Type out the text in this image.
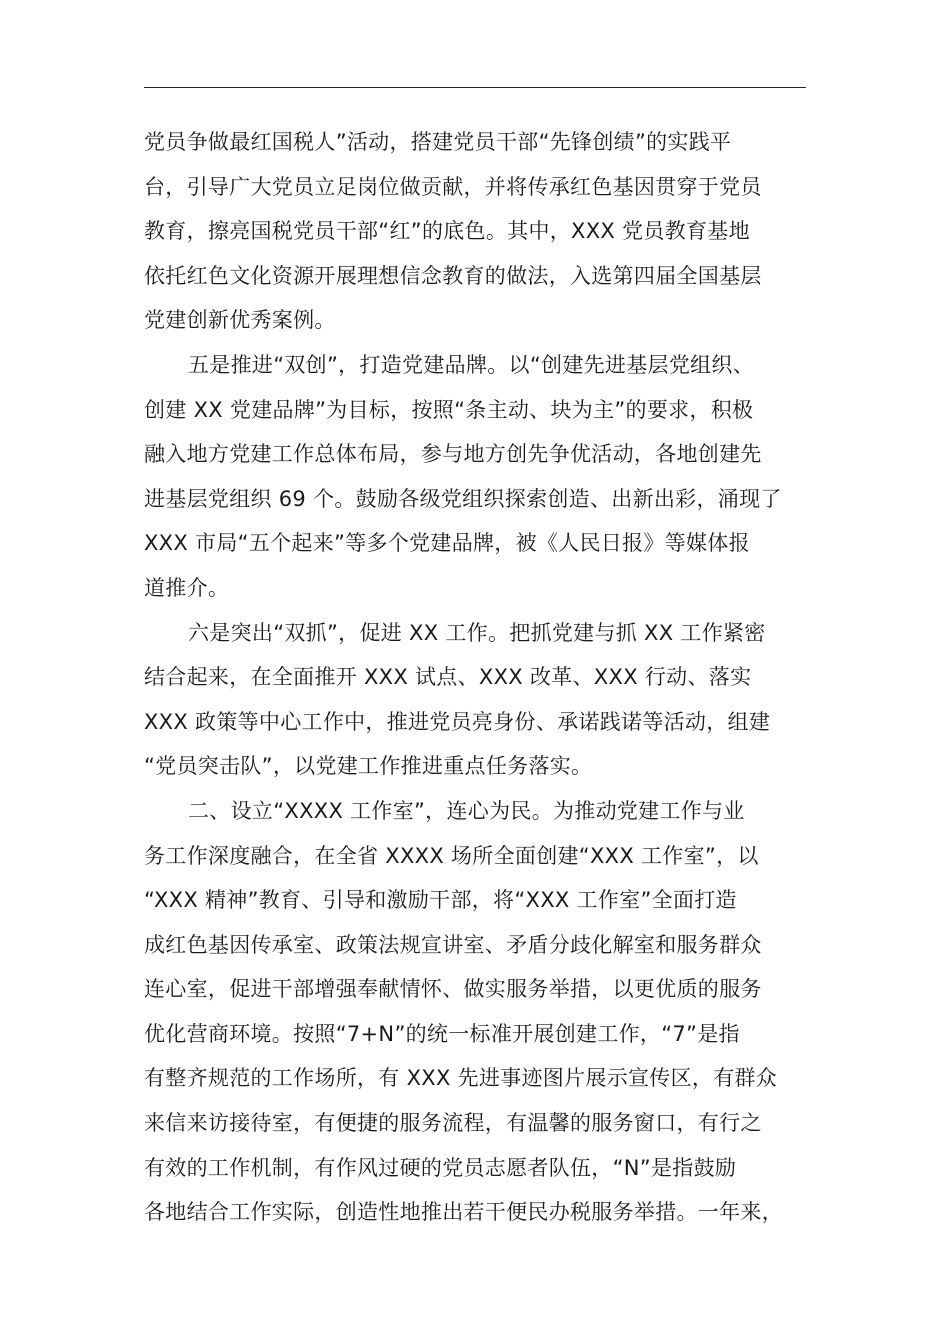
党员争做最红国税人”活动，搭建党员干部“先锋创绩”的实践平
台，引导广大党员立足岗位做贡献，并将传承红色基因贯穿于党员
教育，擦亮国税党员干部“红”的底色。其中，XXX 党员教育基地
依托红色文化资源开展理想信念教育的做法，入选第四届全国基层
党建创新优秀案例。

五是推进“双创”，打造党建品牌。以“创建先进基层党组织、
创建 XX 党建品牌”为目标，按照“条主动、块为主”的要求，积极
融入地方党建工作总体布局，参与地方创先争优活动，各地创建先
进基层党组织 69 个。鼓励各级党组织探索创造、出新出彩，涌现了
XXX 市局“五个起来”等多个党建品牌，被《人民日报》等媒体报
道推介。

六是突出“双抓”，促进 XX 工作。把抓党建与抓 XX 工作紧密
结合起来，在全面推开 XXX 试点、XXX 改革、XXX 行动、落实
XXX 政策等中心工作中，推进党员亮身份、承诺践诺等活动，组建
“党员突击队”，以党建工作推进重点任务落实。

二、设立“XXXX 工作室”，连心为民。为推动党建工作与业
务工作深度融合，在全省 XXXX 场所全面创建“XXX 工作室”，以
“XXX 精神”教育、引导和激励干部，将“XXX 工作室”全面打造
成红色基因传承室、政策法规宣讲室、矛盾分歧化解室和服务群众
连心室，促进干部增强奉献情怀、做实服务举措，以更优质的服务
优化营商环境。按照“7+N”的统一标准开展创建工作，“7”是指
有整齐规范的工作场所，有 XXX 先进事迹图片展示宣传区，有群众
来信来访接待室，有便捷的服务流程，有温馨的服务窗口，有行之
有效的工作机制，有作风过硬的党员志愿者队伍，“N”是指鼓励
各地结合工作实际，创造性地推出若干便民办税服务举措。一年来，
